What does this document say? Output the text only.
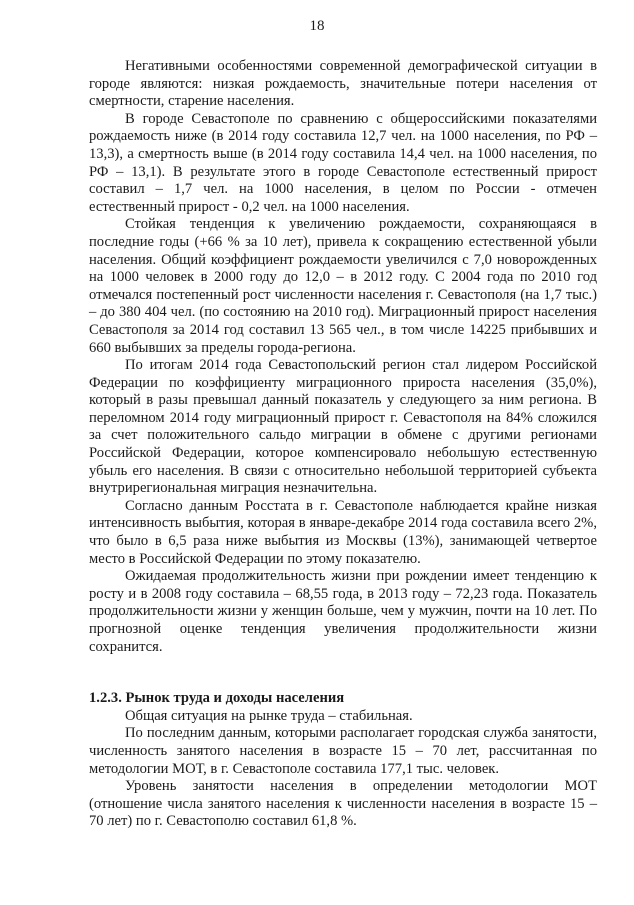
18

Негативными особенностями современной демографической ситуации в городе являются: низкая рождаемость, значительные потери населения от смертности, старение населения.

В городе Севастополе по сравнению с общероссийскими показателями рождаемость ниже (в 2014 году составила 12,7 чел. на 1000 населения, по РФ – 13,3), а смертность выше (в 2014 году составила 14,4 чел. на 1000 населения, по РФ – 13,1). В результате этого в городе Севастополе естественный прирост составил – 1,7 чел. на 1000 населения, в целом по России - отмечен естественный прирост - 0,2 чел. на 1000 населения.

Стойкая тенденция к увеличению рождаемости, сохраняющаяся в последние годы (+66 % за 10 лет), привела к сокращению естественной убыли населения. Общий коэффициент рождаемости увеличился с 7,0 новорожденных на 1000 человек в 2000 году до 12,0 – в 2012 году. С 2004 года по 2010 год отмечался постепенный рост численности населения г. Севастополя (на 1,7 тыс.) – до 380 404 чел. (по состоянию на 2010 год). Миграционный прирост населения Севастополя за 2014 год составил 13 565 чел., в том числе 14225 прибывших и 660 выбывших за пределы города-региона.

По итогам 2014 года Севастопольский регион стал лидером Российской Федерации по коэффициенту миграционного прироста населения (35,0%), который в разы превышал данный показатель у следующего за ним региона. В переломном 2014 году миграционный прирост г. Севастополя на 84% сложился за счет положительного сальдо миграции в обмене с другими регионами Российской Федерации, которое компенсировало небольшую естественную убыль его населения. В связи с относительно небольшой территорией субъекта внутрирегиональная миграция незначительна.

Согласно данным Росстата в г. Севастополе наблюдается крайне низкая интенсивность выбытия, которая в январе-декабре 2014 года составила всего 2%, что было в 6,5 раза ниже выбытия из Москвы (13%), занимающей четвертое место в Российской Федерации по этому показателю.

Ожидаемая продолжительность жизни при рождении имеет тенденцию к росту и в 2008 году составила – 68,55 года, в 2013 году – 72,23 года. Показатель продолжительности жизни у женщин больше, чем у мужчин, почти на 10 лет. По прогнозной оценке тенденция увеличения продолжительности жизни сохранится.

1.2.3. Рынок труда и доходы населения

Общая ситуация на рынке труда – стабильная.

По последним данным, которыми располагает городская служба занятости, численность занятого населения в возрасте 15 – 70 лет, рассчитанная по методологии МОТ, в г. Севастополе составила 177,1 тыс. человек.

Уровень занятости населения в определении методологии МОТ (отношение числа занятого населения к численности населения в возрасте 15 – 70 лет) по г. Севастополю составил 61,8 %.
